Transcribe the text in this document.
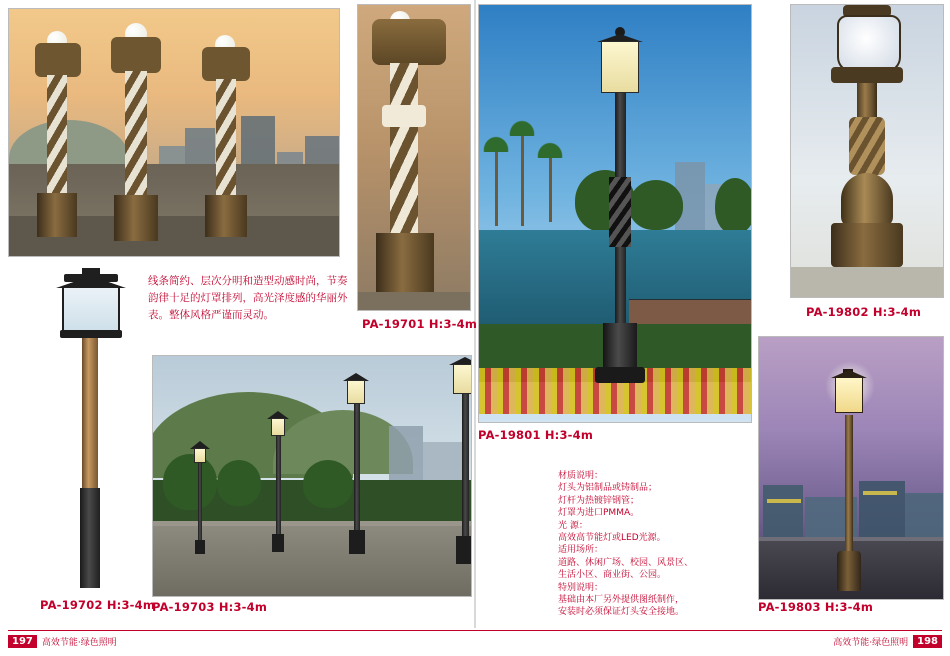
PA-19701 H:3-4m
线条简约、层次分明和造型动感时尚，节奏韵律十足的灯罩排列，高光泽度感的华丽外表。整体风格严谨而灵动。
PA-19801 H:3-4m
PA-19802 H:3-4m
PA-19702 H:3-4m
PA-19703 H:3-4m
材质说明：
灯头为铝制品或铸制品；
灯杆为热镀锌钢管；
灯罩为进口PMMA。
光 源：
高效高节能灯或LED光源。
适用场所：
道路、休闲广场、校园、风景区、
生活小区、商业街、公园。
特别说明：
基础由本厂另外提供图纸制作，
安装时必须保证灯头安全接地。	PA-19803 H:3-4m
197	高效节能·绿色照明	高效节能·绿色照明 198
